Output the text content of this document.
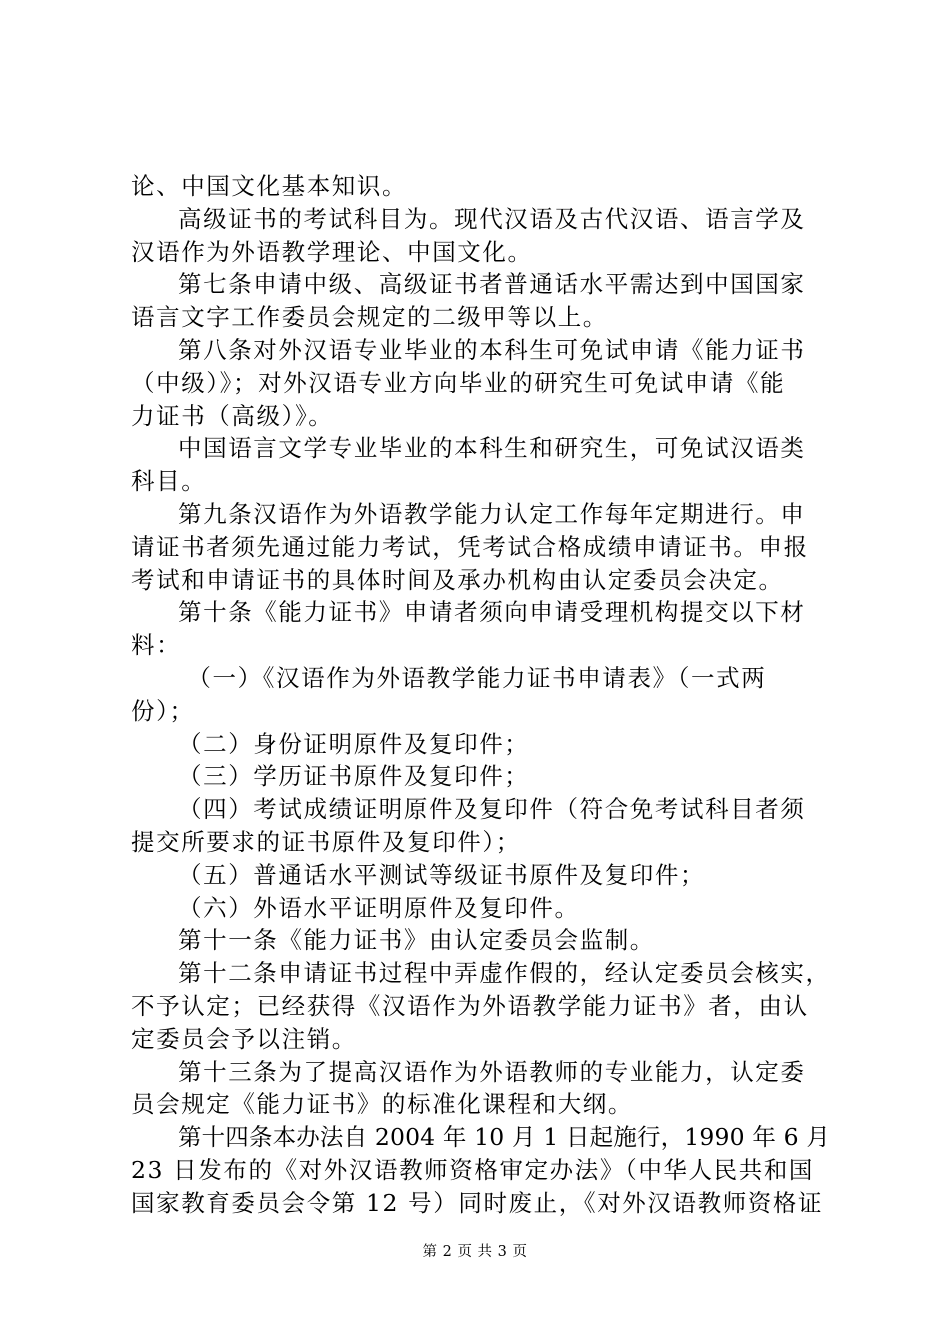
论、中国文化基本知识。
高级证书的考试科目为。现代汉语及古代汉语、语言学及
汉语作为外语教学理论、中国文化。
第七条申请中级、高级证书者普通话水平需达到中国国家
语言文字工作委员会规定的二级甲等以上。
第八条对外汉语专业毕业的本科生可免试申请《能力证书
（中级）》；对外汉语专业方向毕业的研究生可免试申请《能
力证书（高级）》。
中国语言文学专业毕业的本科生和研究生，可免试汉语类
科目。
第九条汉语作为外语教学能力认定工作每年定期进行。申
请证书者须先通过能力考试，凭考试合格成绩申请证书。申报
考试和申请证书的具体时间及承办机构由认定委员会决定。
第十条《能力证书》申请者须向申请受理机构提交以下材
料：
（一）《汉语作为外语教学能力证书申请表》（一式两
份）；
（二）身份证明原件及复印件；
（三）学历证书原件及复印件；
（四）考试成绩证明原件及复印件（符合免考试科目者须
提交所要求的证书原件及复印件）；
（五）普通话水平测试等级证书原件及复印件；
（六）外语水平证明原件及复印件。
第十一条《能力证书》由认定委员会监制。
第十二条申请证书过程中弄虚作假的，经认定委员会核实，
不予认定；已经获得《汉语作为外语教学能力证书》者，由认
定委员会予以注销。
第十三条为了提高汉语作为外语教师的专业能力，认定委
员会规定《能力证书》的标准化课程和大纲。
第十四条本办法自 2004 年 10 月 1 日起施行，1990 年 6 月
23 日发布的《对外汉语教师资格审定办法》（中华人民共和国
国家教育委员会令第 12 号）同时废止，《对外汉语教师资格证
第 2 页 共 3 页
